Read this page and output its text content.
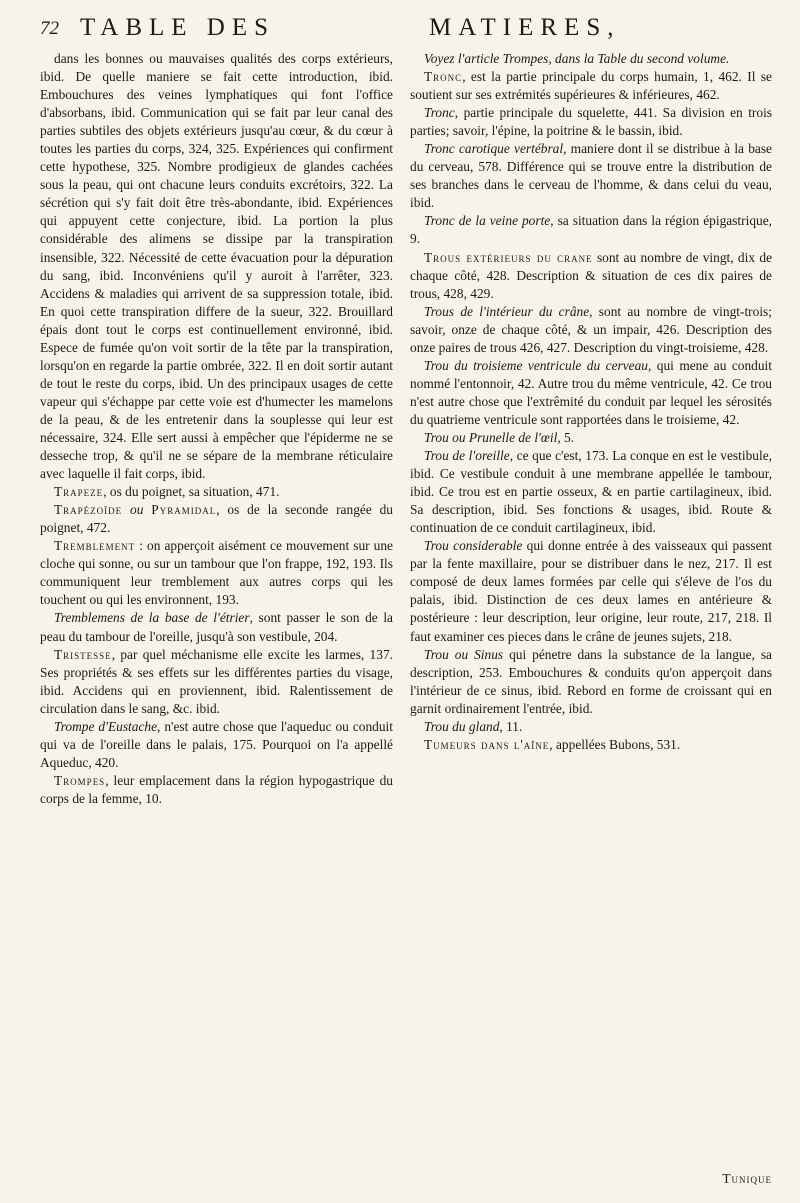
72 TABLE DES	MATIERES,

dans les bonnes ou mauvaises qualités des corps extérieurs, ibid. De quelle maniere se fait cette introduction, ibid. Embouchures des veines lymphatiques qui font l'office d'absorbans, ibid. Communication qui se fait par leur canal des parties subtiles des objets extérieurs jusqu'au cœur, & du cœur à toutes les parties du corps, 324, 325. Expériences qui confirment cette hypothese, 325. Nombre prodigieux de glandes cachées sous la peau, qui ont chacune leurs conduits excrétoirs, 322. La sécrétion qui s'y fait doit être très-abondante, ibid. Expériences qui appuyent cette conjecture, ibid. La portion la plus considérable des alimens se dissipe par la transpiration insensible, 322. Nécessité de cette évacuation pour la dépuration du sang, ibid. Inconvéniens qu'il y auroit à l'arrêter, 323. Accidens & maladies qui arrivent de sa suppression totale, ibid. En quoi cette transpiration differe de la sueur, 322. Brouillard épais dont tout le corps est continuellement environné, ibid. Espece de fumée qu'on voit sortir de la tête par la transpiration, lorsqu'on en regarde la partie ombrée, 322. Il en doit sortir autant de tout le reste du corps, ibid. Un des principaux usages de cette vapeur qui s'échappe par cette voie est d'humecter les mamelons de la peau, & de les entretenir dans la souplesse qui leur est nécessaire, 324. Elle sert aussi à empêcher que l'épiderme ne se desseche trop, & qu'il ne se sépare de la membrane réticulaire avec laquelle il fait corps, ibid.

Trapeze, os du poignet, sa situation, 471.

Trapézoïde ou Pyramidal, os de la seconde rangée du poignet, 472.

Tremblement : on apperçoit aisément ce mouvement sur une cloche qui sonne, ou sur un tambour que l'on frappe, 192, 193. Ils communiquent leur tremblement aux autres corps qui les touchent ou qui les environnent, 193.

Tremblemens de la base de l'étrier, sont passer le son de la peau du tambour de l'oreille, jusqu'à son vestibule, 204.

Tristesse, par quel méchanisme elle excite les larmes, 137. Ses propriétés & ses effets sur les différentes parties du visage, ibid. Accidens qui en proviennent, ibid. Ralentissement de circulation dans le sang, &c. ibid.

Trompe d'Eustache, n'est autre chose que l'aqueduc ou conduit qui va de l'oreille dans le palais, 175. Pourquoi on l'a appellé Aqueduc, 420.

Trompes, leur emplacement dans la région hypogastrique du corps de la femme, 10.

Voyez l'article Trompes, dans la Table du second volume.

Tronc, est la partie principale du corps humain, 1, 462. Il se soutient sur ses extrémités supérieures & inférieures, 462.

Tronc, partie principale du squelette, 441. Sa division en trois parties; savoir, l'épine, la poitrine & le bassin, ibid.

Tronc carotique vertébral, maniere dont il se distribue à la base du cerveau, 578. Différence qui se trouve entre la distribution de ses branches dans le cerveau de l'homme, & dans celui du veau, ibid.

Tronc de la veine porte, sa situation dans la région épigastrique, 9.

Trous extérieurs du crane sont au nombre de vingt, dix de chaque côté, 428. Description & situation de ces dix paires de trous, 428, 429.

Trous de l'intérieur du crâne, sont au nombre de vingt-trois; savoir, onze de chaque côté, & un impair, 426. Description des onze paires de trous 426, 427. Description du vingt-troisieme, 428.

Trou du troisieme ventricule du cerveau, qui mene au conduit nommé l'entonnoir, 42. Autre trou du même ventricule, 42. Ce trou n'est autre chose que l'extrêmité du conduit par lequel les sérosités du quatrieme ventricule sont rapportées dans le troisieme, 42.

Trou ou Prunelle de l'œil, 5.

Trou de l'oreille, ce que c'est, 173. La conque en est le vestibule, ibid. Ce vestibule conduit à une membrane appellée le tambour, ibid. Ce trou est en partie osseux, & en partie cartilagineux, ibid. Sa description, ibid. Ses fonctions & usages, ibid. Route & continuation de ce conduit cartilagineux, ibid.

Trou considerable qui donne entrée à des vaisseaux qui passent par la fente maxillaire, pour se distribuer dans le nez, 217. Il est composé de deux lames formées par celle qui s'éleve de l'os du palais, ibid. Distinction de ces deux lames en antérieure & postérieure : leur description, leur origine, leur route, 217, 218. Il faut examiner ces pieces dans le crâne de jeunes sujets, 218.

Trou ou Sinus qui pénetre dans la substance de la langue, sa description, 253. Embouchures & conduits qu'on apperçoit dans l'intérieur de ce sinus, ibid. Rebord en forme de croissant qui en garnit ordinairement l'entrée, ibid.

Trou du gland, 11.

Tumeurs dans l'aîne, appellées Bubons, 531.

Tunique
